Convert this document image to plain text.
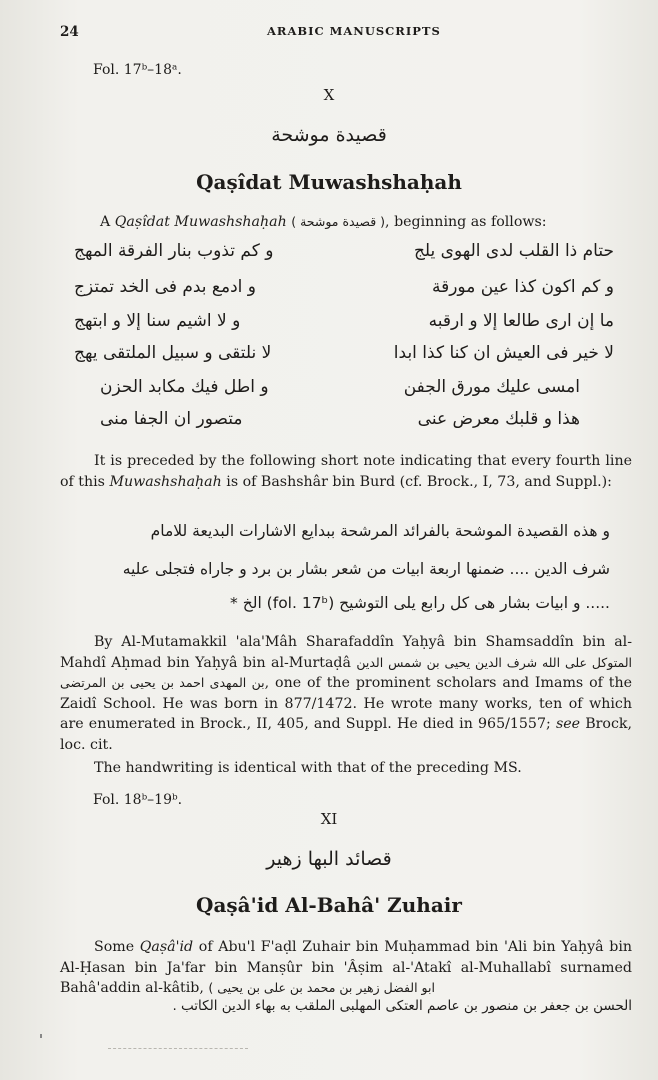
24	ARABIC MANUSCRIPTS
Fol. 17ᵇ–18ᵃ.
X
قصيدة موشحة
Qaṣîdat Muwashshaḥah
A Qaṣîdat Muwashshaḥah ( قصيدة موشحة ), beginning as follows:
حتام ذا القلب لدى الهوى يلج
و كم تذوب بنار الفرقة المهج
و كم اكون كذا عين مورقة
و ادمع بدم فى الخد تمتزج
ما إن ارى طالعا إلا و ارقبه
و لا اشيم سنا إلا و ابتهج
لا خير فى العيش ان كنا كذا ابدا
لا نلتقى و سبيل الملتقى يهج
امسى عليك مورق الجفن
و اطل فيك مكابد الحزن
هذا و قلبك معرض عنى
متصور ان الجفا منى
It is preceded by the following short note indicating that every fourth line of this Muwashshaḥah is of Bashshâr bin Burd (cf. Brock., I, 73, and Suppl.):
و هذه القصيدة الموشحة بالفرائد المرشحة ببدايع الاشارات البديعة للامام
شرف الدين .... ضمنها اربعة ابيات من شعر بشار بن برد و جاراه فتجلى عليه
..... و ابيات بشار هى كل رابع يلى التوشيح (fol. 17ᵇ) الخ *
By Al-Mutamakkil 'ala'Mâh Sharafaddîn Yaḥyâ bin Shamsaddîn bin al-Mahdî Aḥmad bin Yaḥyâ bin al-Murtaḍâ المتوكل على الله شرف الدين يحيى بن شمس الدين بن المهدى احمد بن يحيى بن المرتضى, one of the prominent scholars and Imams of the Zaidî School. He was born in 877/1472. He wrote many works, ten of which are enumerated in Brock., II, 405, and Suppl. He died in 965/1557; see Brock, loc. cit.
The handwriting is identical with that of the preceding MS.
Fol. 18ᵇ–19ᵇ.
XI
قصائد البها زهير
Qaṣâ'id Al-Bahâ' Zuhair
Some Qaṣâ'id of Abu'l F'aḍl Zuhair bin Muḥammad bin 'Ali bin Yaḥyâ bin Al-Ḥasan bin Ja'far bin Manṣûr bin 'Âṣim al-'Atakî al-Muhallabî surnamed Bahâ'addin al-kâtib, ( ابو الفضل زهير بن محمد بن على بن يحيى
الحسن بن جعفر بن منصور بن عاصم العتكى المهلبى الملقب به بهاء الدين الكاتب .
